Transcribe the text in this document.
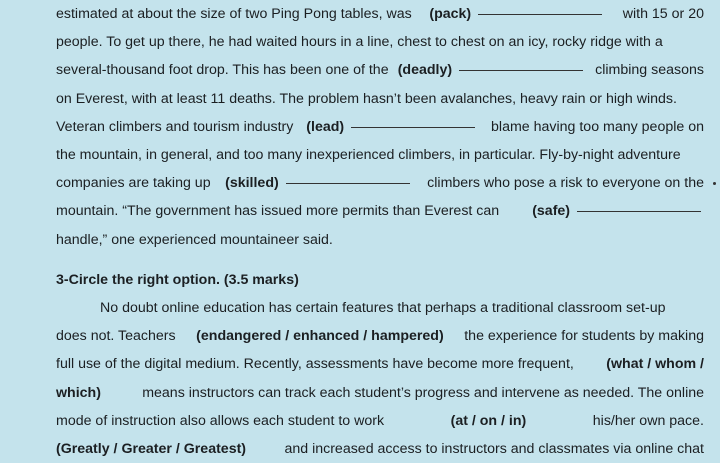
estimated at about the size of two Ping Pong tables, was (pack)	with 15 or 20
people. To get up there, he had waited hours in a line, chest to chest on an icy, rocky ridge with a
several-thousand foot drop. This has been one of the (deadly)	climbing seasons
on Everest, with at least 11 deaths. The problem hasn’t been avalanches, heavy rain or high winds.
Veteran climbers and tourism industry (lead)	blame having too many people on
the mountain, in general, and too many inexperienced climbers, in particular. Fly-by-night adventure
companies are taking up (skilled)	climbers who pose a risk to everyone on the
mountain. “The government has issued more permits than Everest can (safe)
handle,” one experienced mountaineer said.
3-Circle the right option. (3.5 marks)
No doubt online education has certain features that perhaps a traditional classroom set-up
does not. Teachers (endangered / enhanced / hampered) the experience for students by making
full use of the digital medium. Recently, assessments have become more frequent, (what / whom /
which)	means instructors can track each student’s progress and intervene as needed. The online
mode of instruction also allows each student to work	(at / on / in)	his/her own pace.
(Greatly / Greater / Greatest) and increased access to instructors and classmates via online chat
